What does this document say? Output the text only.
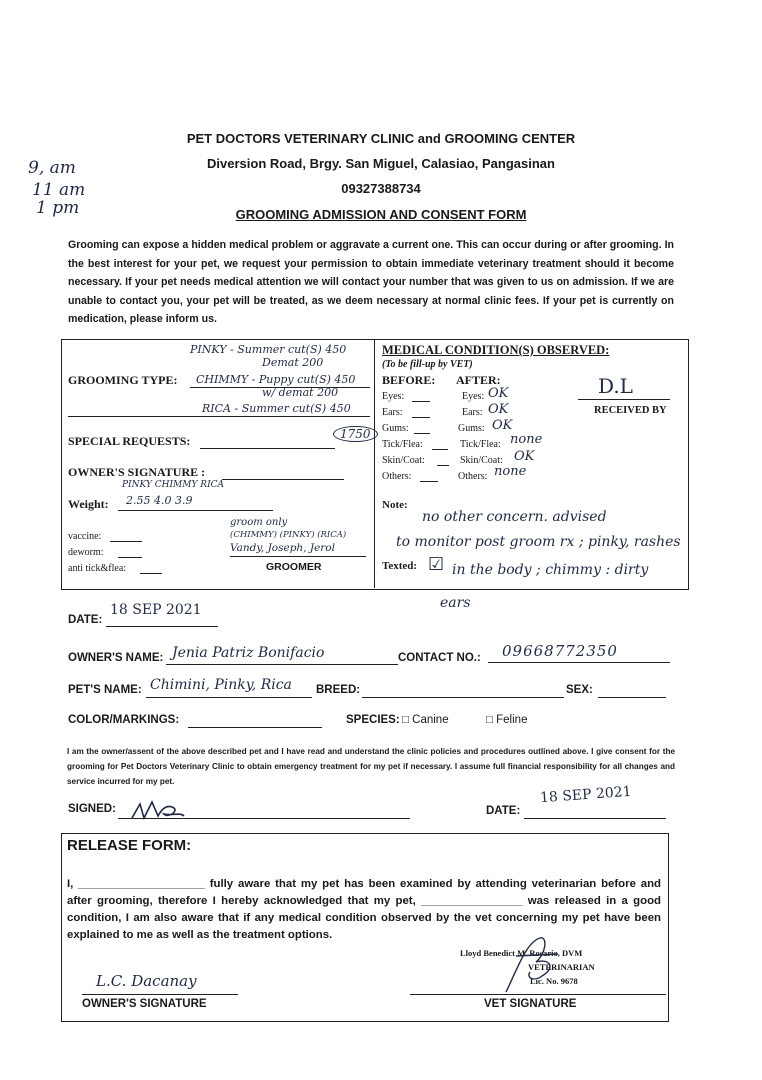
PET DOCTORS VETERINARY CLINIC and GROOMING CENTER
Diversion Road, Brgy. San Miguel, Calasiao, Pangasinan
09327388734
GROOMING ADMISSION AND CONSENT FORM
9, am
11 am
1 pm
Grooming can expose a hidden medical problem or aggravate a current one. This can occur during or after grooming. In the best interest for your pet, we request your permission to obtain immediate veterinary treatment should it become necessary. If your pet needs medical attention we will contact your number that was given to us on admission. If we are unable to contact you, your pet will be treated, as we deem necessary at normal clinic fees. If your pet is currently on medication, please inform us.
PINKY - Summer cut(S) 450
Demat 200
GROOMING TYPE: CHIMMY - Puppy cut(S) 450
w/ demat 200
RICA - Summer cut(S) 450
1750
SPECIAL REQUESTS:
OWNER'S SIGNATURE :
PINKY CHIMMY RICA
Weight: 2.55 4.0 3.9
groom only
(CHIMMY) (PINKY) (RICA)
Vandy, Joseph, Jerol
GROOMER
vaccine:
deworm:
anti tick&flea:
MEDICAL CONDITION(S) OBSERVED:
(To be fill-up by VET)
BEFORE: AFTER:
Eyes:
Ears:
Gums:
Tick/Flea:
Skin/Coat:
Others:
Eyes: OK
Ears: OK
Gums: OK
Tick/Flea: none
Skin/Coat: OK
Others: none
D.L
RECEIVED BY
Note:
no other concern. advised
to monitor post groom rx ; pinky, rashes
Texted: ☑ in the body ; chimmy : dirty
ears
DATE:
18 SEP 2021
OWNER'S NAME: Jenia Patriz Bonifacio	CONTACT NO.: 09668772350
PET'S NAME: Chimini, Pinky, Rica BREED:	SEX:
COLOR/MARKINGS:	SPECIES: □ Canine	□ Feline
I am the owner/assent of the above described pet and I have read and understand the clinic policies and procedures outlined above. I give consent for the grooming for Pet Doctors Veterinary Clinic to obtain emergency treatment for my pet if necessary. I assume full financial responsibility for all changes and service incurred for my pet.
SIGNED:	DATE:
18 SEP 2021
RELEASE FORM:
I, ____________________ fully aware that my pet has been examined by attending veterinarian before and after grooming, therefore I hereby acknowledged that my pet, ________________ was released in a good condition, I am also aware that if any medical condition observed by the vet concerning my pet have been explained to me as well as the treatment options.
L.C. Dacanay
OWNER'S SIGNATURE
Lloyd Benedict M. Rosario, DVM
VETERINARIAN
Lic. No. 9678
VET SIGNATURE
